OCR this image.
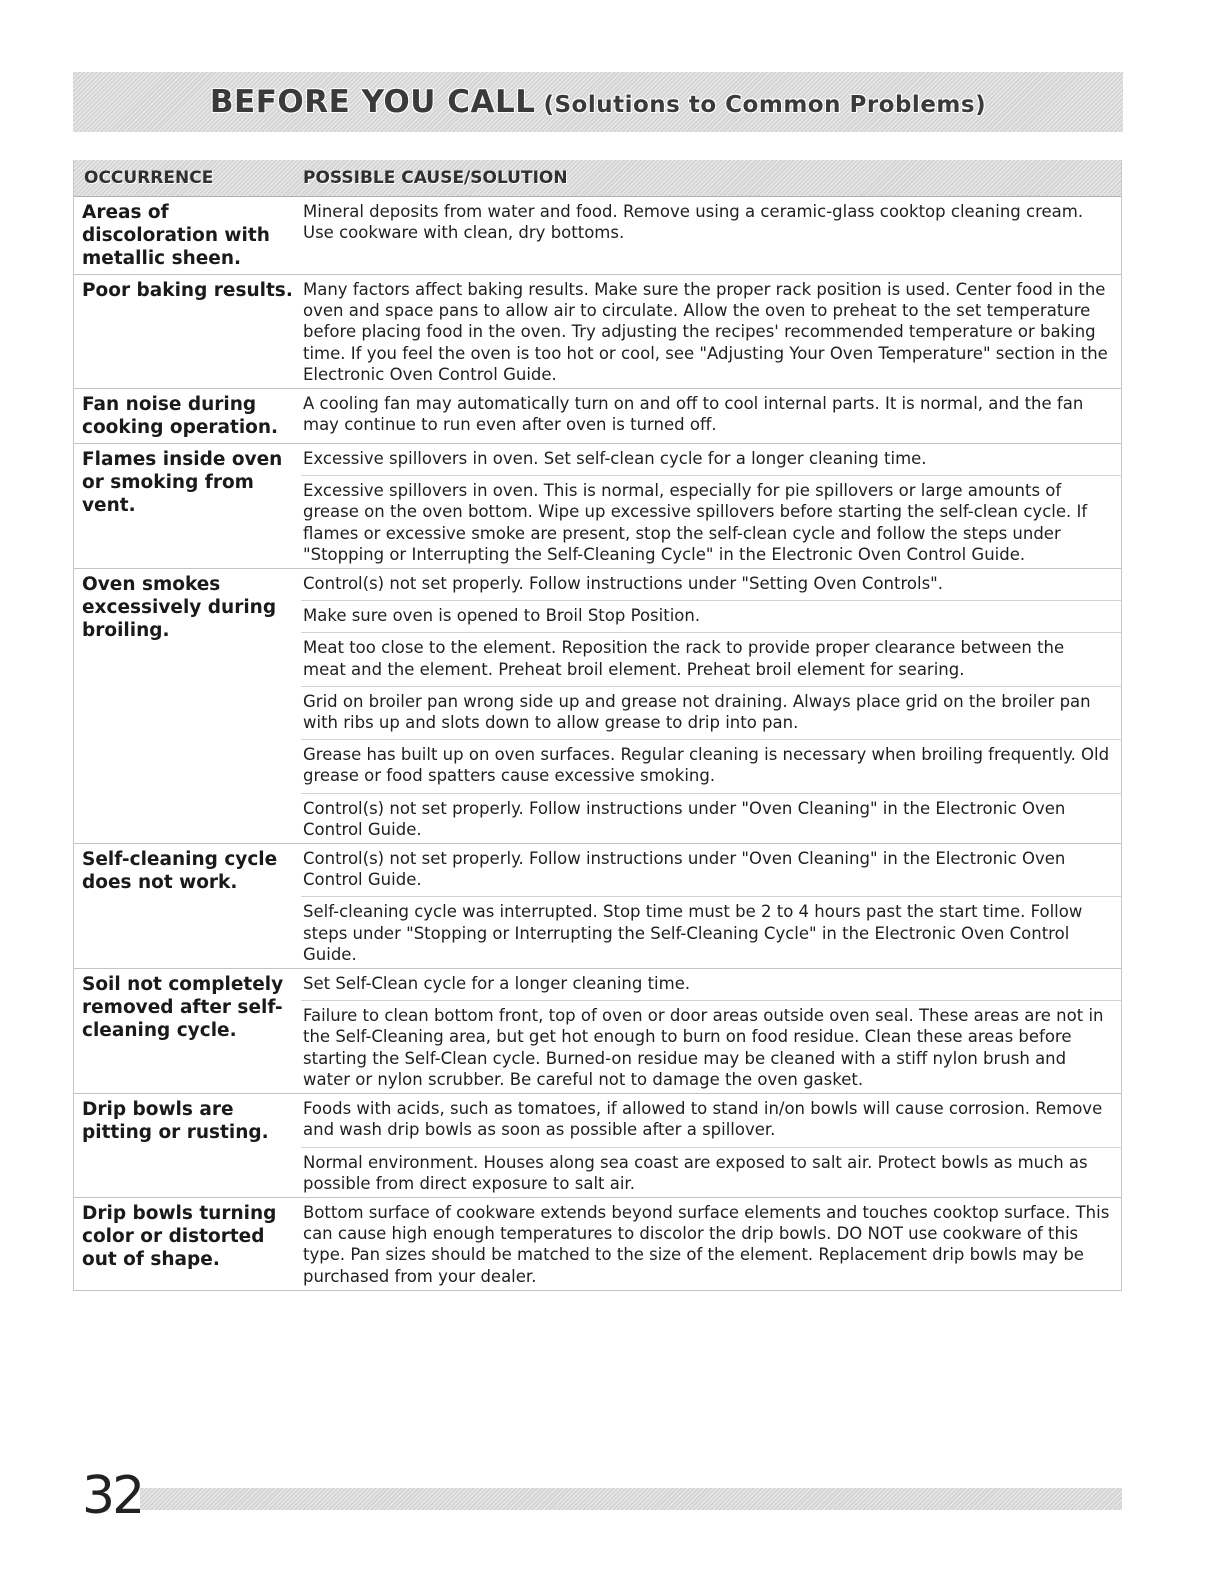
BEFORE YOU CALL (Solutions to Common Problems)
OCCURRENCE	POSSIBLE CAUSE/SOLUTION
Areas of discoloration with metallic sheen.
Mineral deposits from water and food. Remove using a ceramic-glass cooktop cleaning cream. Use cookware with clean, dry bottoms.
Poor baking results. Many factors affect baking results. Make sure the proper rack position is used. Center food in the oven and space pans to allow air to circulate. Allow the oven to preheat to the set temperature before placing food in the oven. Try adjusting the recipes' recommended temperature or baking time. If you feel the oven is too hot or cool, see "Adjusting Your Oven Temperature" section in the Electronic Oven Control Guide.
Fan noise during cooking operation.
A cooling fan may automatically turn on and off to cool internal parts. It is normal, and the fan may continue to run even after oven is turned off.
Flames inside oven or smoking from vent.
Excessive spillovers in oven. Set self-clean cycle for a longer cleaning time.
Excessive spillovers in oven. This is normal, especially for pie spillovers or large amounts of grease on the oven bottom. Wipe up excessive spillovers before starting the self-clean cycle. If flames or excessive smoke are present, stop the self-clean cycle and follow the steps under "Stopping or Interrupting the Self-Cleaning Cycle" in the Electronic Oven Control Guide.
Oven smokes excessively during broiling.
Control(s) not set properly. Follow instructions under "Setting Oven Controls".
Make sure oven is opened to Broil Stop Position.
Meat too close to the element. Reposition the rack to provide proper clearance between the meat and the element. Preheat broil element. Preheat broil element for searing.
Grid on broiler pan wrong side up and grease not draining. Always place grid on the broiler pan with ribs up and slots down to allow grease to drip into pan.
Grease has built up on oven surfaces. Regular cleaning is necessary when broiling frequently. Old grease or food spatters cause excessive smoking.
Control(s) not set properly. Follow instructions under "Oven Cleaning" in the Electronic Oven Control Guide.
Self-cleaning cycle does not work.
Control(s) not set properly. Follow instructions under "Oven Cleaning" in the Electronic Oven Control Guide.
Self-cleaning cycle was interrupted. Stop time must be 2 to 4 hours past the start time. Follow steps under "Stopping or Interrupting the Self-Cleaning Cycle" in the Electronic Oven Control Guide.
Soil not completely removed after self-cleaning cycle.
Set Self-Clean cycle for a longer cleaning time.
Failure to clean bottom front, top of oven or door areas outside oven seal. These areas are not in the Self-Cleaning area, but get hot enough to burn on food residue. Clean these areas before starting the Self-Clean cycle. Burned-on residue may be cleaned with a stiff nylon brush and water or nylon scrubber. Be careful not to damage the oven gasket.
Drip bowls are pitting or rusting.
Foods with acids, such as tomatoes, if allowed to stand in/on bowls will cause corrosion. Remove and wash drip bowls as soon as possible after a spillover.
Normal environment. Houses along sea coast are exposed to salt air. Protect bowls as much as possible from direct exposure to salt air.
Drip bowls turning color or distorted out of shape.
Bottom surface of cookware extends beyond surface elements and touches cooktop surface. This can cause high enough temperatures to discolor the drip bowls. DO NOT use cookware of this type. Pan sizes should be matched to the size of the element. Replacement drip bowls may be purchased from your dealer.
32
